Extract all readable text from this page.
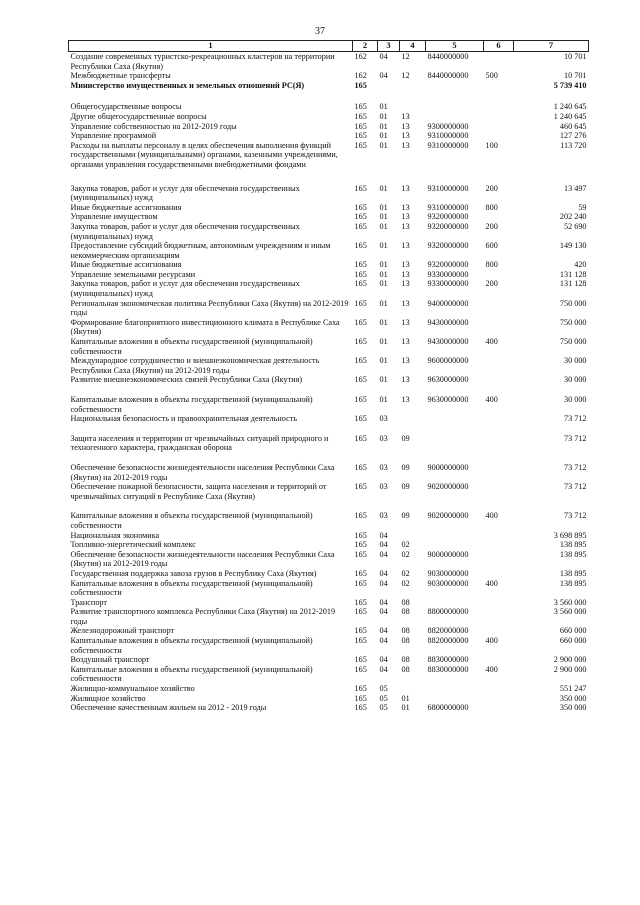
37
1	2	3	4	5	6	7
Создание современных туристско-рекреационных кластеров на территории Республики Саха (Якутия)	162	04	12	8440000000		10 701
Межбюджетные трансферты	162	04	12	8440000000	500	10 701
Министерство имущественных и земельных отношений РС(Я)	165					5 739 410

Общегосударственные вопросы	165	01				1 240 645
Другие общегосударственные вопросы	165	01	13			1 240 645
Управление собственностью на 2012-2019 годы	165	01	13	9300000000		460 645
Управление программой	165	01	13	9310000000		127 276
Расходы на выплаты персоналу в целях обеспечения выполнения функций государственными (муниципальными) органами, казенными учреждениями, органами управления государственными внебюджетными фондами	165	01	13	9310000000	100	113 720

Закупка товаров, работ и услуг для обеспечения государственных (муниципальных) нужд	165	01	13	9310000000	200	13 497
Иные бюджетные ассигнования	165	01	13	9310000000	800	59
Управление имуществом	165	01	13	9320000000		202 240
Закупка товаров, работ и услуг для обеспечения государственных (муниципальных) нужд	165	01	13	9320000000	200	52 690
Предоставление субсидий бюджетным, автономным учреждениям и иным некоммерческим организациям	165	01	13	9320000000	600	149 130
Иные бюджетные ассигнования	165	01	13	9320000000	800	420
Управление земельными ресурсами	165	01	13	9330000000		131 128
Закупка товаров, работ и услуг для обеспечения государственных (муниципальных) нужд	165	01	13	9330000000	200	131 128
Региональная экономическая политика Республики Саха (Якутия) на 2012-2019 годы	165	01	13	9400000000		750 000
Формирование благоприятного инвестиционного климата в Республике Саха (Якутия)	165	01	13	9430000000		750 000
Капитальные вложения в объекты государственной (муниципальной) собственности	165	01	13	9430000000	400	750 000
Международное сотрудничество и внешнеэкономическая деятельность Республики Саха (Якутия) на 2012-2019 годы	165	01	13	9600000000		30 000
Развитие внешнеэкономических связей Республики Саха (Якутия)	165	01	13	9630000000		30 000

Капитальные вложения в объекты государственной (муниципальной) собственности	165	01	13	9630000000	400	30 000
Национальная безопасность и правоохранительная деятельность	165	03				73 712

Защита населения и территории от чрезвычайных ситуаций природного и техногенного характера, гражданская оборона	165	03	09			73 712

Обеспечение безопасности жизнедеятельности населения Республики Саха (Якутия) на 2012-2019 годы	165	03	09	9000000000		73 712
Обеспечение пожарной безопасности, защита населения и территорий от чрезвычайных ситуаций в Республике Саха (Якутия)	165	03	09	9020000000		73 712

Капитальные вложения в объекты государственной (муниципальной) собственности	165	03	09	9020000000	400	73 712
Национальная экономика	165	04				3 698 895
Топливно-энергетический комплекс	165	04	02			138 895
Обеспечение безопасности жизнедеятельности населения Республики Саха (Якутия) на 2012-2019 годы	165	04	02	9000000000		138 895
Государственная поддержка завоза грузов в Республику Саха (Якутия)	165	04	02	9030000000		138 895
Капитальные вложения в объекты государственной (муниципальной) собственности	165	04	02	9030000000	400	138 895
Транспорт	165	04	08			3 560 000
Развитие транспортного комплекса Республики Саха (Якутия) на 2012-2019 годы	165	04	08	8800000000		3 560 000
Железнодорожный транспорт	165	04	08	8820000000		660 000
Капитальные вложения в объекты государственной (муниципальной) собственности	165	04	08	8820000000	400	660 000
Воздушный транспорт	165	04	08	8830000000		2 900 000
Капитальные вложения в объекты государственной (муниципальной) собственности	165	04	08	8830000000	400	2 900 000
Жилищно-коммунальное хозяйство	165	05				551 247
Жилищное хозяйство	165	05	01			350 000
Обеспечение качественным жильем на 2012 - 2019 годы	165	05	01	6800000000		350 000
